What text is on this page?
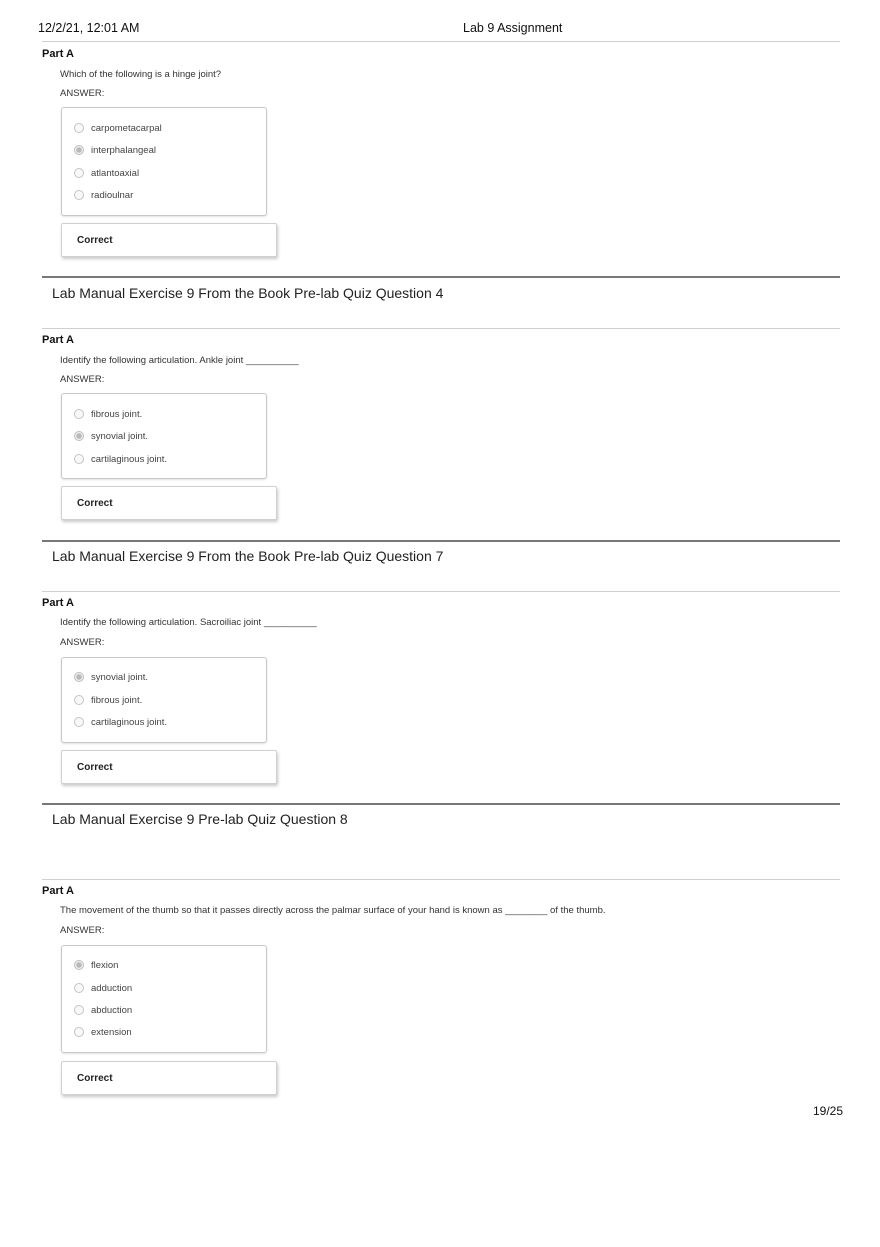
12/2/21, 12:01 AM	Lab 9 Assignment
Part A
Which of the following is a hinge joint?
ANSWER:
carpometacarpal
interphalangeal
atlantoaxial
radioulnar
Correct
Lab Manual Exercise 9 From the Book Pre-lab Quiz Question 4
Part A
Identify the following articulation. Ankle joint __________
ANSWER:
fibrous joint.
synovial joint.
cartilaginous joint.
Correct
Lab Manual Exercise 9 From the Book Pre-lab Quiz Question 7
Part A
Identify the following articulation. Sacroiliac joint __________
ANSWER:
synovial joint.
fibrous joint.
cartilaginous joint.
Correct
Lab Manual Exercise 9 Pre-lab Quiz Question 8
Part A
The movement of the thumb so that it passes directly across the palmar surface of your hand is known as ________ of the thumb.
ANSWER:
flexion
adduction
abduction
extension
Correct
19/25
